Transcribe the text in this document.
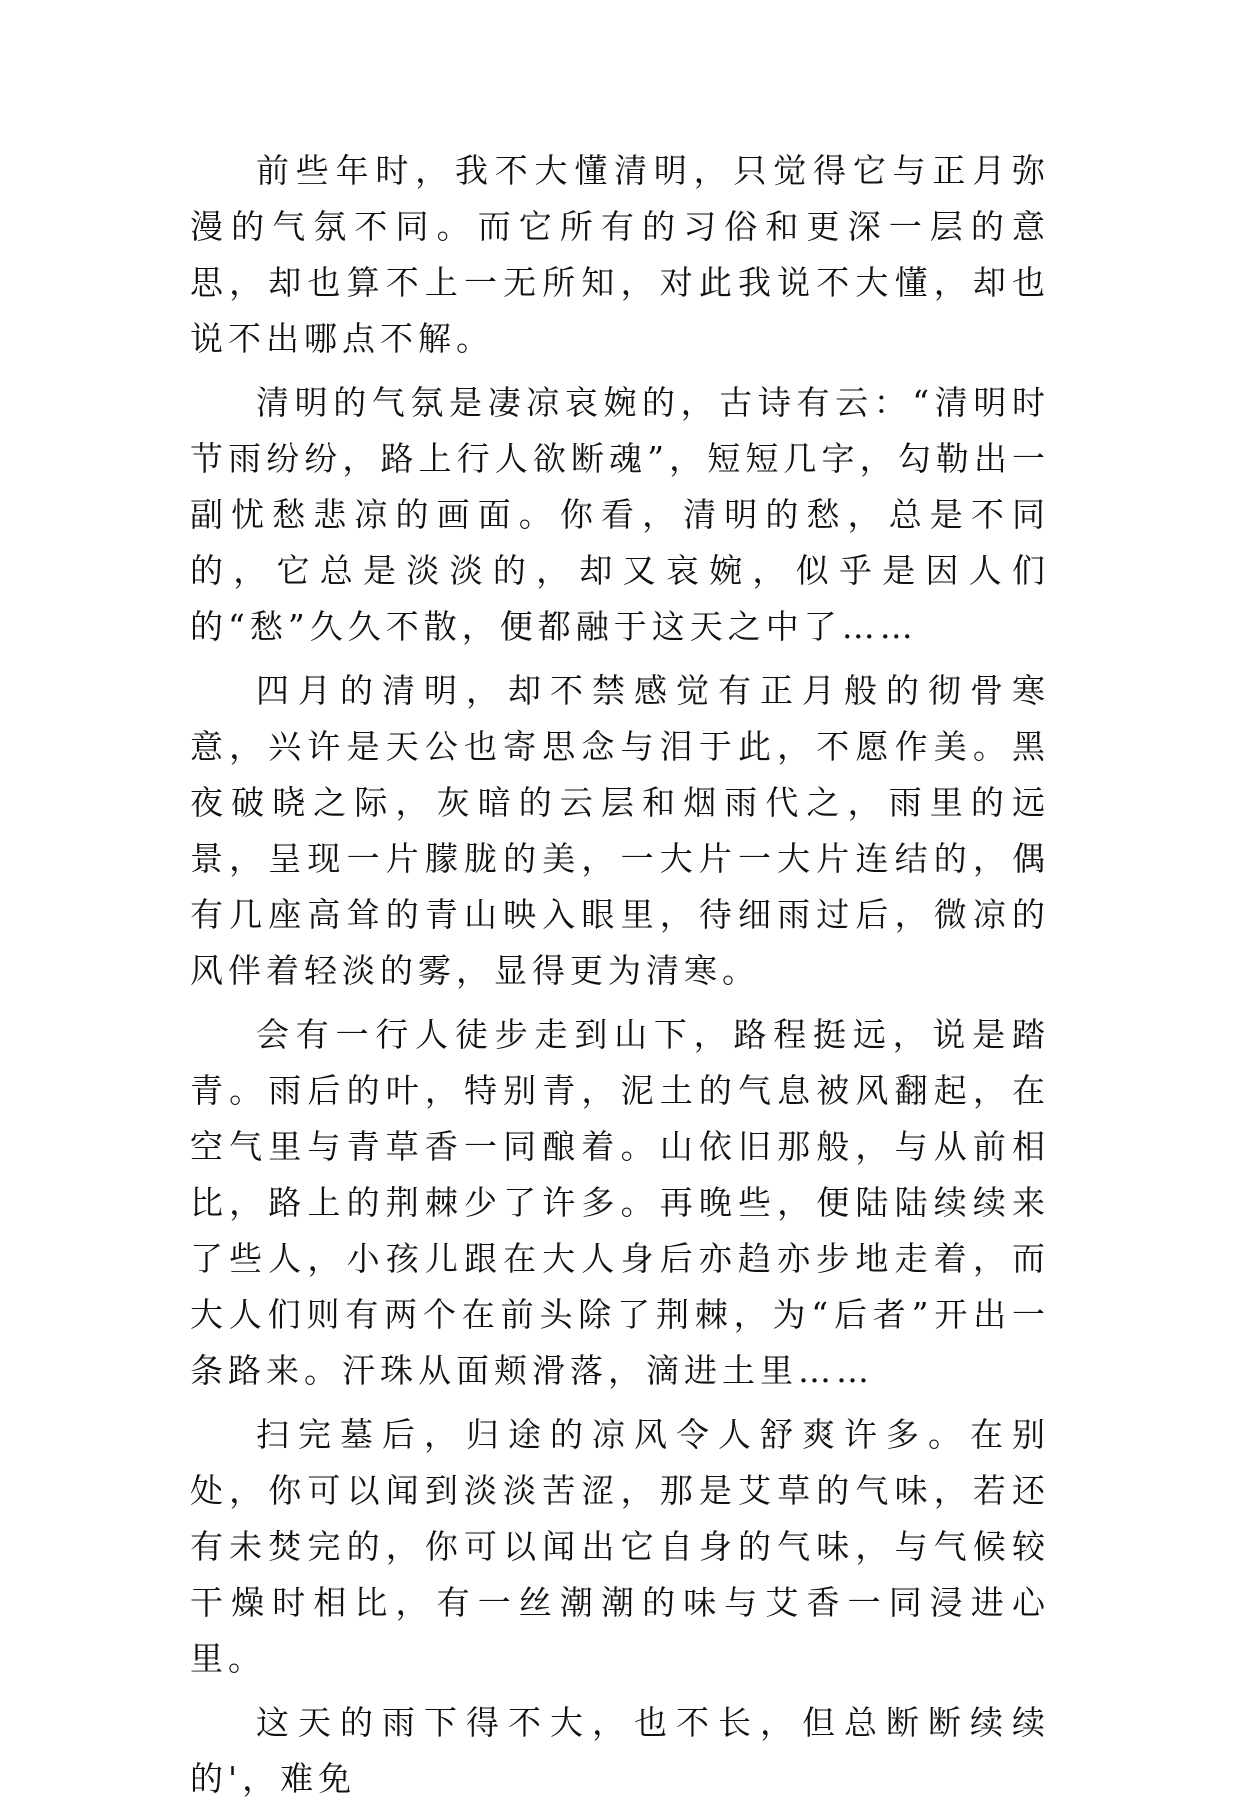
前些年时，我不大懂清明，只觉得它与正月弥漫的气氛不同。而它所有的习俗和更深一层的意思，却也算不上一无所知，对此我说不大懂，却也说不出哪点不解。

清明的气氛是凄凉哀婉的，古诗有云：“清明时节雨纷纷，路上行人欲断魂”，短短几字，勾勒出一副忧愁悲凉的画面。你看，清明的愁，总是不同的，它总是淡淡的，却又哀婉，似乎是因人们的“愁”久久不散，便都融于这天之中了……

四月的清明，却不禁感觉有正月般的彻骨寒意，兴许是天公也寄思念与泪于此，不愿作美。黑夜破晓之际，灰暗的云层和烟雨代之，雨里的远景，呈现一片朦胧的美，一大片一大片连结的，偶有几座高耸的青山映入眼里，待细雨过后，微凉的风伴着轻淡的雾，显得更为清寒。

会有一行人徒步走到山下，路程挺远，说是踏青。雨后的叶，特别青，泥土的气息被风翻起，在空气里与青草香一同酿着。山依旧那般，与从前相比，路上的荆棘少了许多。再晚些，便陆陆续续来了些人，小孩儿跟在大人身后亦趋亦步地走着，而大人们则有两个在前头除了荆棘，为“后者”开出一条路来。汗珠从面颊滑落，滴进土里……

扫完墓后，归途的凉风令人舒爽许多。在别处，你可以闻到淡淡苦涩，那是艾草的气味，若还有未焚完的，你可以闻出它自身的气味，与气候较干燥时相比，有一丝潮潮的味与艾香一同浸进心里。

这天的雨下得不大，也不长，但总断断续续的'，难免
